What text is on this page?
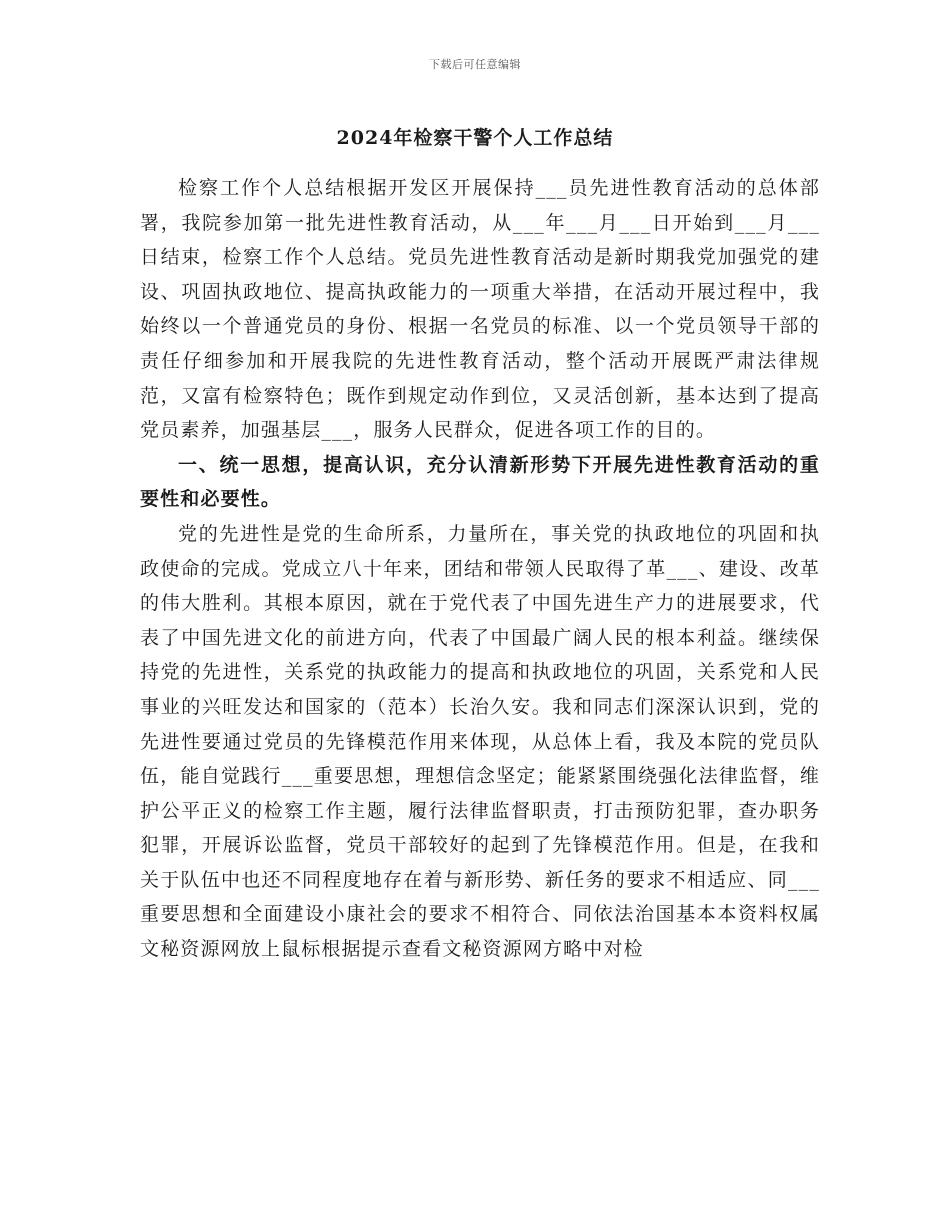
下载后可任意编辑
2024年检察干警个人工作总结

检察工作个人总结根据开发区开展保持___员先进性教育活动的总体部署，我院参加第一批先进性教育活动，从___年___月___日开始到___月___日结束，检察工作个人总结。党员先进性教育活动是新时期我党加强党的建设、巩固执政地位、提高执政能力的一项重大举措，在活动开展过程中，我始终以一个普通党员的身份、根据一名党员的标准、以一个党员领导干部的责任仔细参加和开展我院的先进性教育活动，整个活动开展既严肃法律规范，又富有检察特色；既作到规定动作到位，又灵活创新，基本达到了提高党员素养，加强基层___，服务人民群众，促进各项工作的目的。

一、统一思想，提高认识，充分认清新形势下开展先进性教育活动的重要性和必要性。

党的先进性是党的生命所系，力量所在，事关党的执政地位的巩固和执政使命的完成。党成立八十年来，团结和带领人民取得了革___、建设、改革的伟大胜利。其根本原因，就在于党代表了中国先进生产力的进展要求，代表了中国先进文化的前进方向，代表了中国最广阔人民的根本利益。继续保持党的先进性，关系党的执政能力的提高和执政地位的巩固，关系党和人民事业的兴旺发达和国家的（范本）长治久安。我和同志们深深认识到，党的先进性要通过党员的先锋模范作用来体现，从总体上看，我及本院的党员队伍，能自觉践行___重要思想，理想信念坚定；能紧紧围绕强化法律监督，维护公平正义的检察工作主题，履行法律监督职责，打击预防犯罪，查办职务犯罪，开展诉讼监督，党员干部较好的起到了先锋模范作用。但是，在我和关于队伍中也还不同程度地存在着与新形势、新任务的要求不相适应、同___重要思想和全面建设小康社会的要求不相符合、同依法治国基本本资料权属文秘资源网放上鼠标根据提示查看文秘资源网方略中对检
